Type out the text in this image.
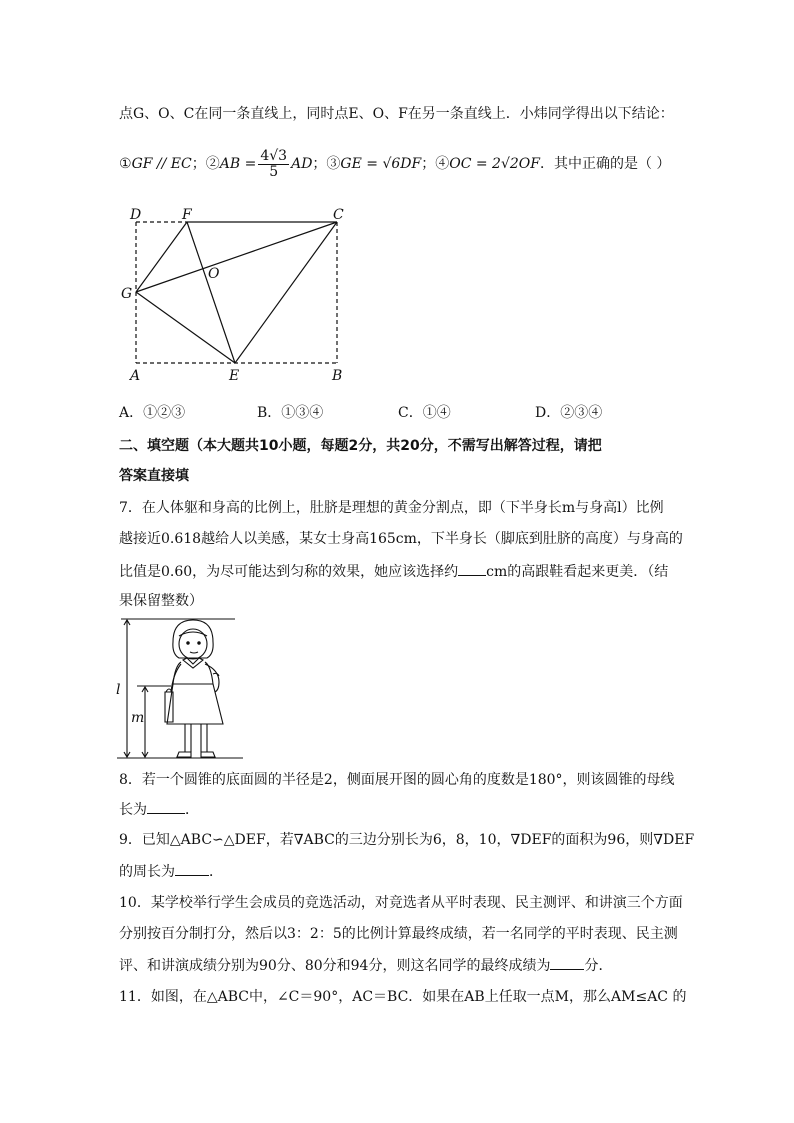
点G、O、C在同一条直线上，同时点E、O、F在另一条直线上．小炜同学得出以下结论：
①GF // EC；②AB = $\frac{4√3}{5}$ AD；③GE = √6DF；④OC = 2√2OF．其中正确的是（ ）
D	F	C
O
G
A	E	B
A．①②③	B．①③④	C．①④	D．②③④
二、填空题（本大题共10小题，每题2分，共20分，不需写出解答过程，请把
答案直接填
7．在人体躯和身高的比例上，肚脐是理想的黄金分割点，即（下半身长m与身高l）比例
越接近0.618越给人以美感，某女士身高165cm，下半身长（脚底到肚脐的高度）与身高的
比值是0.60，为尽可能达到匀称的效果，她应该选择约 cm的高跟鞋看起来更美．（结
果保留整数）
l
m
8．若一个圆锥的底面圆的半径是2，侧面展开图的圆心角的度数是180°，则该圆锥的母线
长为	．
9．已知△ABC∽△DEF，若∇ABC的三边分别长为6，8，10，∇DEF的面积为96，则∇DEF
的周长为 ．
10．某学校举行学生会成员的竞选活动，对竞选者从平时表现、民主测评、和讲演三个方面
分别按百分制打分，然后以3：2：5的比例计算最终成绩，若一名同学的平时表现、民主测
评、和讲演成绩分别为90分、80分和94分，则这名同学的最终成绩为 分．
11．如图，在△ABC中，∠C＝90°，AC＝BC．如果在AB上任取一点M，那么AM≤AC 的
